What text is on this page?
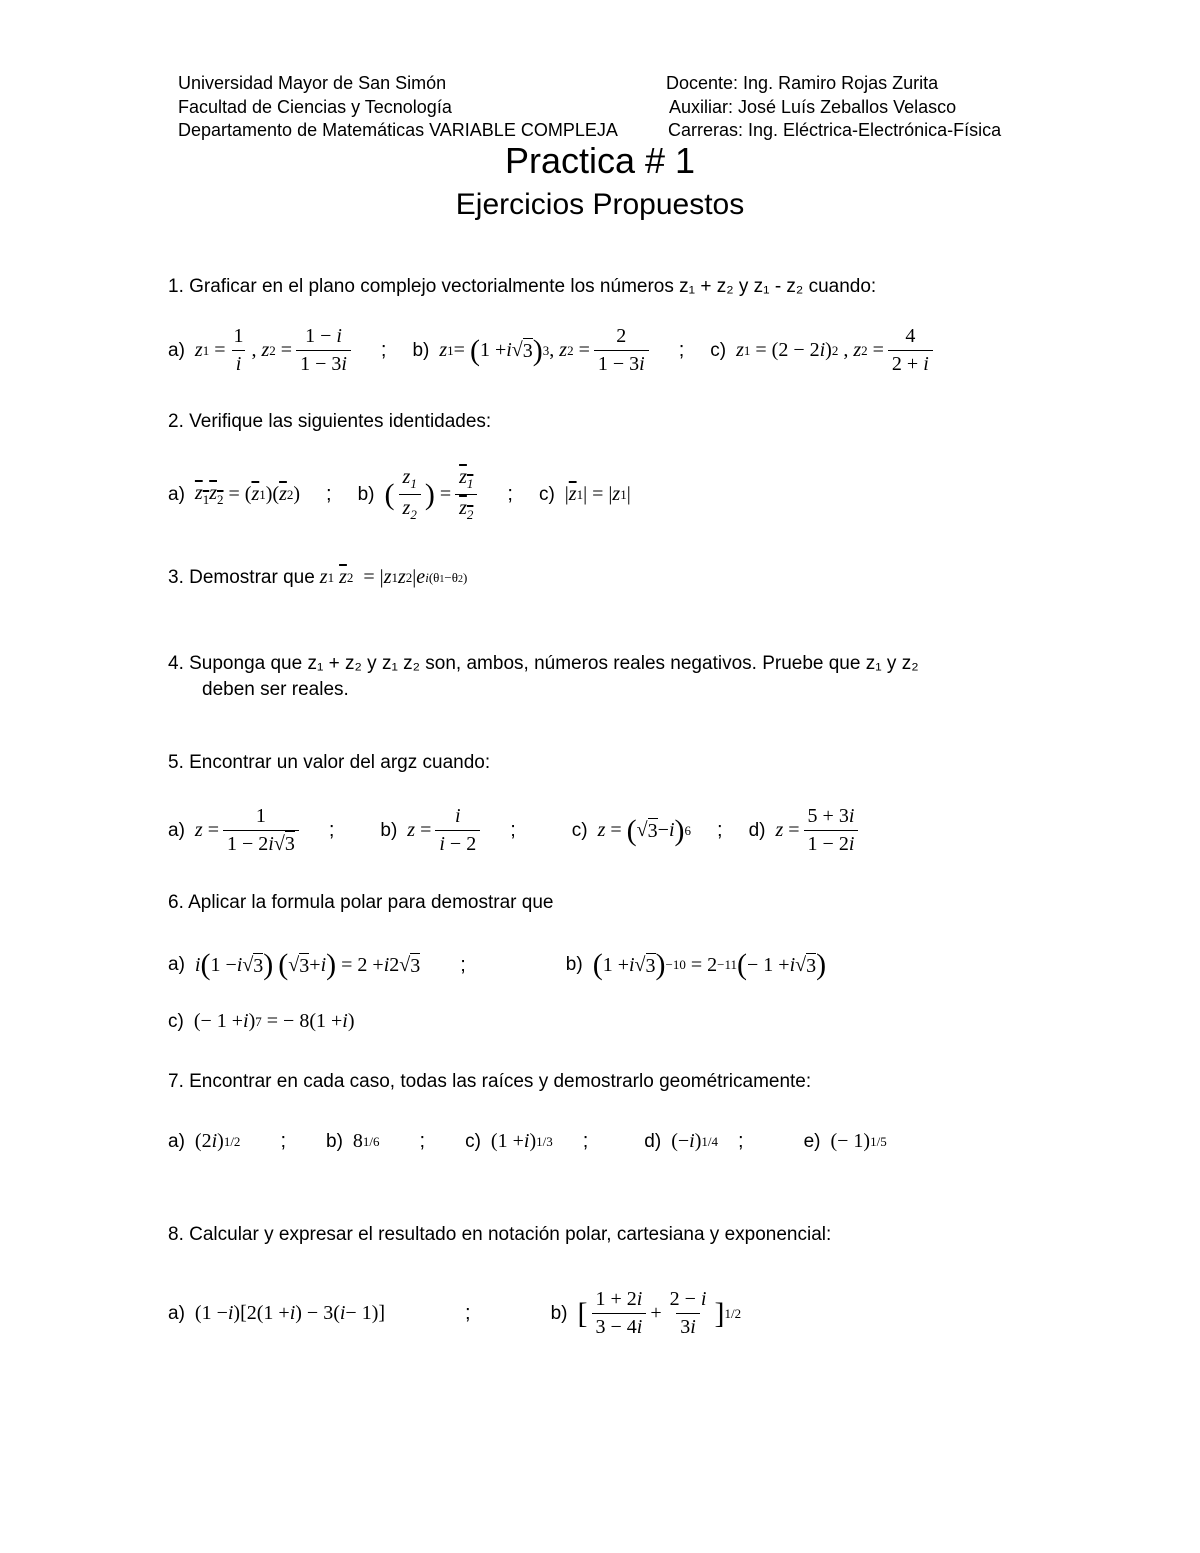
Universidad Mayor de San Simón
Facultad de Ciencias y Tecnología
Departamento de Matemáticas VARIABLE COMPLEJA
Docente: Ing. Ramiro Rojas Zurita
Auxiliar: José Luís Zeballos Velasco
Carreras: Ing. Eléctrica-Electrónica-Física
Practica # 1
Ejercicios Propuestos
1. Graficar en el plano complejo vectorialmente los números z₁ + z₂ y z₁ - z₂ cuando:
a) z $1 = \frac{1}{i}$ , z $2 = \frac{1 - i}{1 - 3i}$ ; b) z 1 = ( 1 + i √ 3 ) 3 , z $2 = \frac{2}{1 - 3i}$ ; c) z 1 = (2 − 2 i ) 2 , z $2 = \frac{4}{2 + i}$
2. Verifique las siguientes identidades:
a) $z_1z_2$ = ( $\overline{z}$ 1 )( $\overline{z}$ 2 ) ; b) ( $\frac{z_1}{z_2}$ ) = $\frac{z_1}{z_2}$ ; c) | $\overline{z}$ 1 | = | z 1 |
3. Demostrar que
z 1
$\overline{z}$ 2 = | z 1 z 2 | e i(θ1−θ2)
4. Suponga que z₁ + z₂ y z₁ z₂ son, ambos, números reales negativos. Pruebe que z₁ y z₂
deben ser reales.
5. Encontrar un valor del argz cuando:
a) $z = \frac{1}{1 - 2i√3}$ ; b) $z = \frac{i}{i - 2}$ ;	c) z = ( √ 3 − i ) 6 ; d) $z = \frac{5 + 3i}{1 - 2i}$
6. Aplicar la formula polar para demostrar que
a) i ( 1 − i √ 3 )
( √ 3 + i ) = 2 + i 2√ 3 ;	b) ( 1 + i √ 3 ) −10 = 2 −11 ( − 1 + i √ 3 )
c) (− 1 + i ) 7 = − 8(1 + i )
7. Encontrar en cada caso, todas las raíces y demostrarlo geométricamente:
a) (2 i ) 1/2 ; b) 8 1/6 ; c) (1 + i ) 1/3 ;	d) (− i ) 1/4 ;	e) (− 1) 1/5
8. Calcular y expresar el resultado en notación polar, cartesiana y exponencial:
a) (1 − i )[2(1 + i ) − 3( i − 1)]	;	b) [ $\frac{1 + 2i}{3 - 4i} + \frac{2 - i}{3i}$ ] 1/2
